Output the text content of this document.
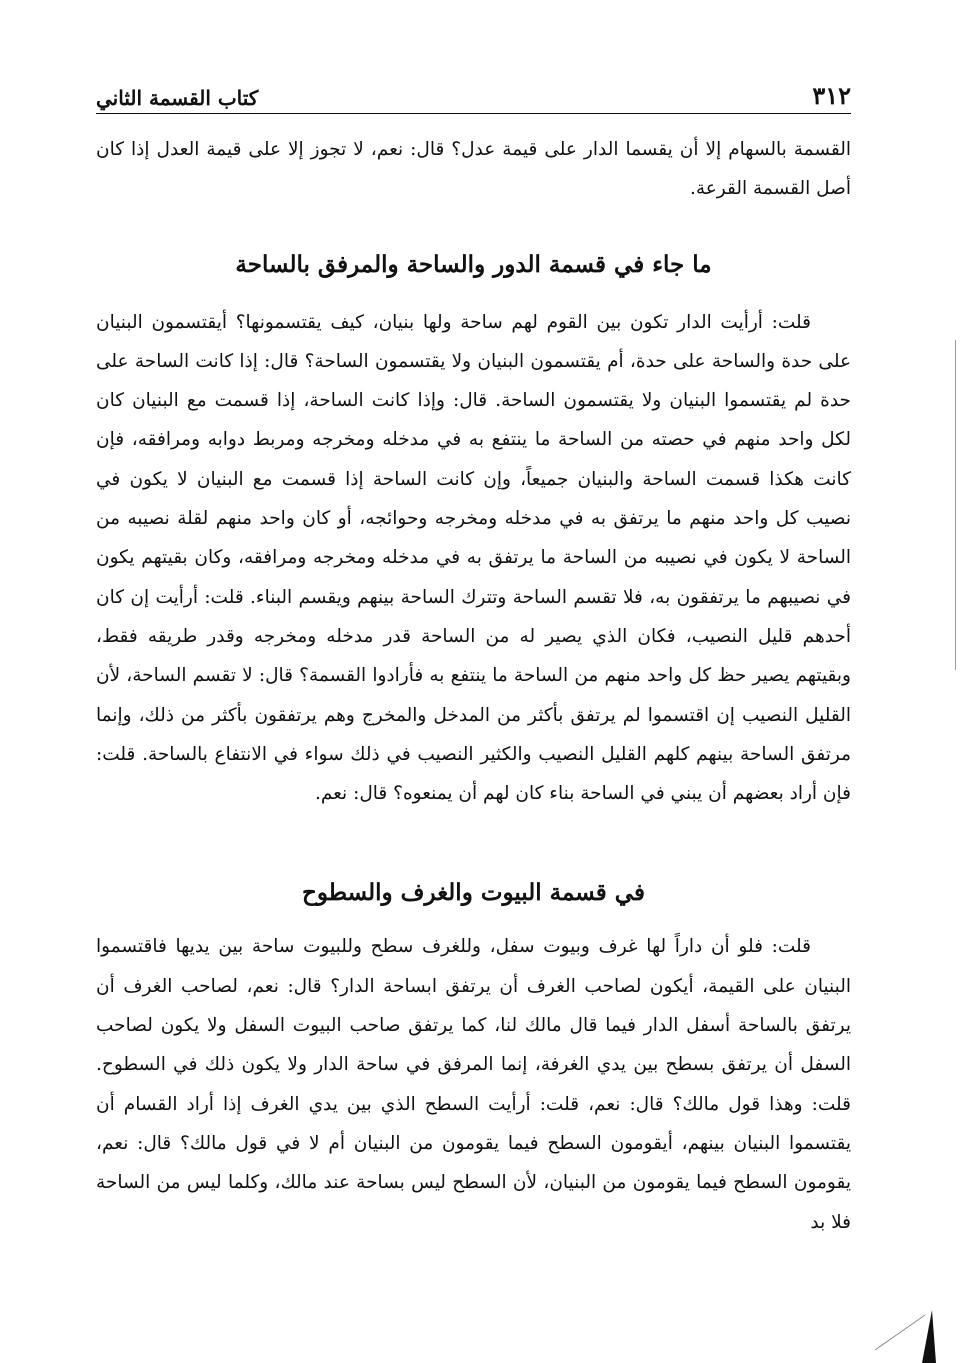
٣١٢
كتاب القسمة الثاني

القسمة بالسهام إلا أن يقسما الدار على قيمة عدل؟ قال: نعم، لا تجوز إلا على قيمة العدل إذا كان أصل القسمة القرعة.

ما جاء في قسمة الدور والساحة والمرفق بالساحة

قلت: أرأيت الدار تكون بين القوم لهم ساحة ولها بنيان، كيف يقتسمونها؟ أيقتسمون البنيان على حدة والساحة على حدة، أم يقتسمون البنيان ولا يقتسمون الساحة؟ قال: إذا كانت الساحة على حدة لم يقتسموا البنيان ولا يقتسمون الساحة. قال: وإذا كانت الساحة، إذا قسمت مع البنيان كان لكل واحد منهم في حصته من الساحة ما ينتفع به في مدخله ومخرجه ومربط دوابه ومرافقه، فإن كانت هكذا قسمت الساحة والبنيان جميعاً، وإن كانت الساحة إذا قسمت مع البنيان لا يكون في نصيب كل واحد منهم ما يرتفق به في مدخله ومخرجه وحوائجه، أو كان واحد منهم لقلة نصيبه من الساحة لا يكون في نصيبه من الساحة ما يرتفق به في مدخله ومخرجه ومرافقه، وكان بقيتهم يكون في نصيبهم ما يرتفقون به، فلا تقسم الساحة وتترك الساحة بينهم ويقسم البناء. قلت: أرأيت إن كان أحدهم قليل النصيب، فكان الذي يصير له من الساحة قدر مدخله ومخرجه وقدر طريقه فقط، وبقيتهم يصير حظ كل واحد منهم من الساحة ما ينتفع به فأرادوا القسمة؟ قال: لا تقسم الساحة، لأن القليل النصيب إن اقتسموا لم يرتفق بأكثر من المدخل والمخرج وهم يرتفقون بأكثر من ذلك، وإنما مرتفق الساحة بينهم كلهم القليل النصيب والكثير النصيب في ذلك سواء في الانتفاع بالساحة. قلت: فإن أراد بعضهم أن يبني في الساحة بناء كان لهم أن يمنعوه؟ قال: نعم.

في قسمة البيوت والغرف والسطوح

قلت: فلو أن داراً لها غرف وبيوت سفل، وللغرف سطح وللبيوت ساحة بين يديها فاقتسموا البنيان على القيمة، أيكون لصاحب الغرف أن يرتفق ابساحة الدار؟ قال: نعم، لصاحب الغرف أن يرتفق بالساحة أسفل الدار فيما قال مالك لنا، كما يرتفق صاحب البيوت السفل ولا يكون لصاحب السفل أن يرتفق بسطح بين يدي الغرفة، إنما المرفق في ساحة الدار ولا يكون ذلك في السطوح. قلت: وهذا قول مالك؟ قال: نعم، قلت: أرأيت السطح الذي بين يدي الغرف إذا أراد القسام أن يقتسموا البنيان بينهم، أيقومون السطح فيما يقومون من البنيان أم لا في قول مالك؟ قال: نعم، يقومون السطح فيما يقومون من البنيان، لأن السطح ليس بساحة عند مالك، وكلما ليس من الساحة فلا بد
